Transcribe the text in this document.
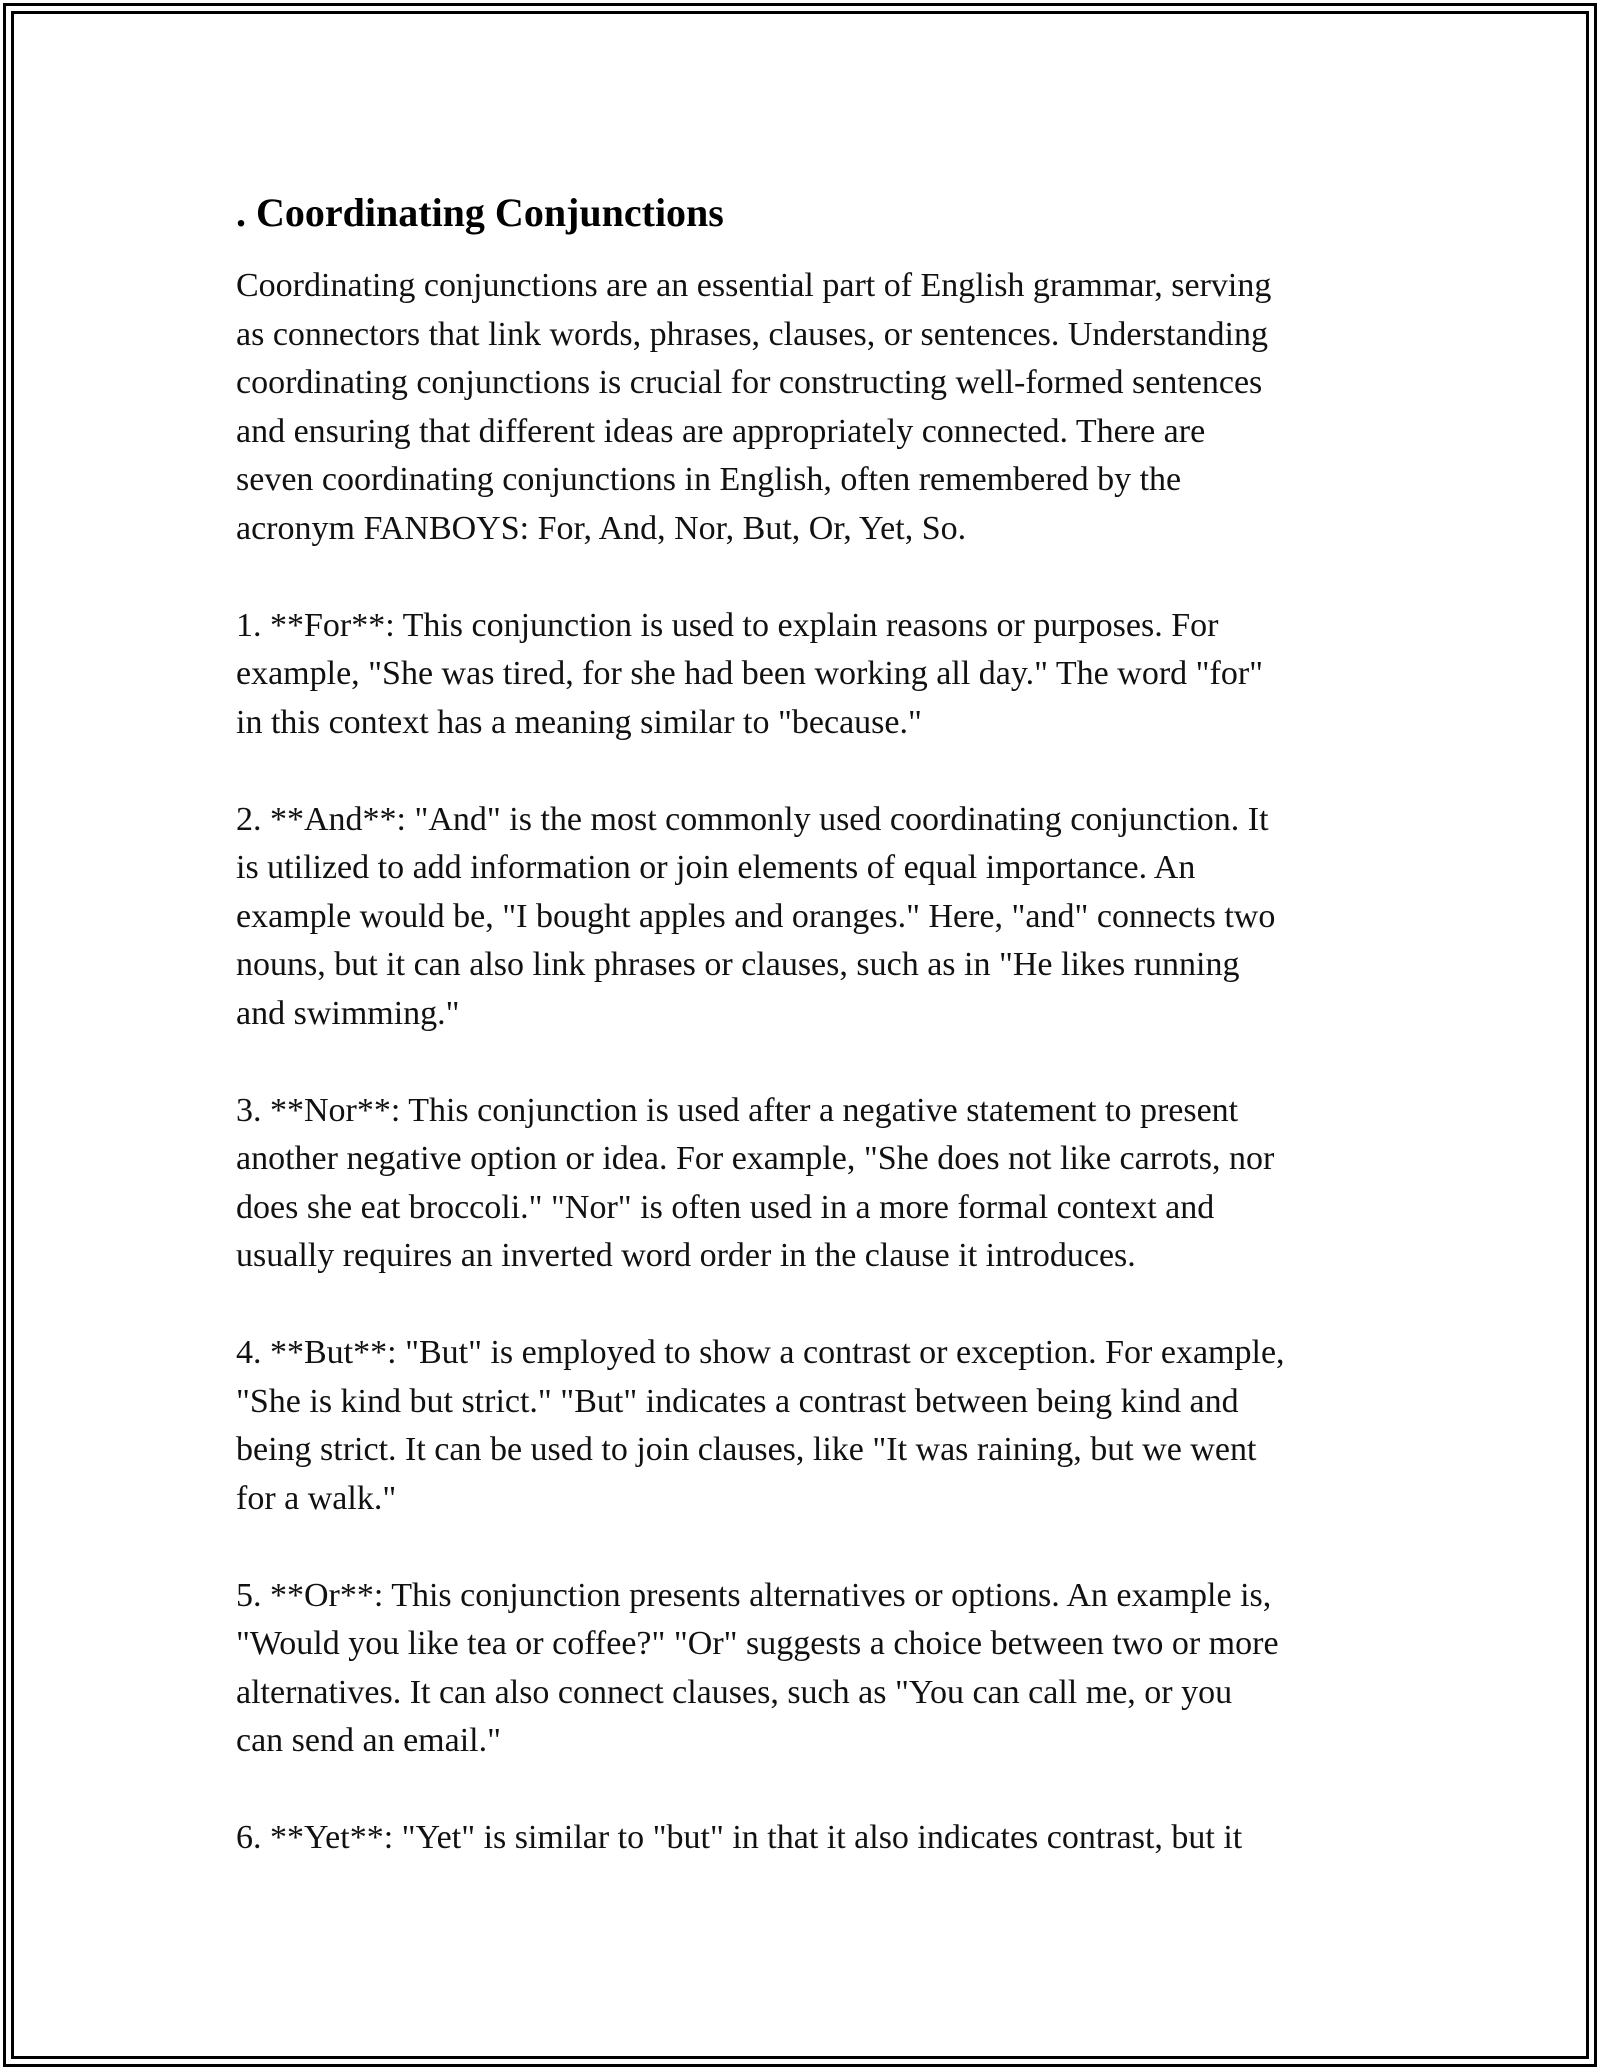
. Coordinating Conjunctions

Coordinating conjunctions are an essential part of English grammar, serving
as connectors that link words, phrases, clauses, or sentences. Understanding
coordinating conjunctions is crucial for constructing well-formed sentences
and ensuring that different ideas are appropriately connected. There are
seven coordinating conjunctions in English, often remembered by the
acronym FANBOYS: For, And, Nor, But, Or, Yet, So.

1. **For**: This conjunction is used to explain reasons or purposes. For
example, "She was tired, for she had been working all day." The word "for"
in this context has a meaning similar to "because."

2. **And**: "And" is the most commonly used coordinating conjunction. It
is utilized to add information or join elements of equal importance. An
example would be, "I bought apples and oranges." Here, "and" connects two
nouns, but it can also link phrases or clauses, such as in "He likes running
and swimming."

3. **Nor**: This conjunction is used after a negative statement to present
another negative option or idea. For example, "She does not like carrots, nor
does she eat broccoli." "Nor" is often used in a more formal context and
usually requires an inverted word order in the clause it introduces.

4. **But**: "But" is employed to show a contrast or exception. For example,
"She is kind but strict." "But" indicates a contrast between being kind and
being strict. It can be used to join clauses, like "It was raining, but we went
for a walk."

5. **Or**: This conjunction presents alternatives or options. An example is,
"Would you like tea or coffee?" "Or" suggests a choice between two or more
alternatives. It can also connect clauses, such as "You can call me, or you
can send an email."

6. **Yet**: "Yet" is similar to "but" in that it also indicates contrast, but it
